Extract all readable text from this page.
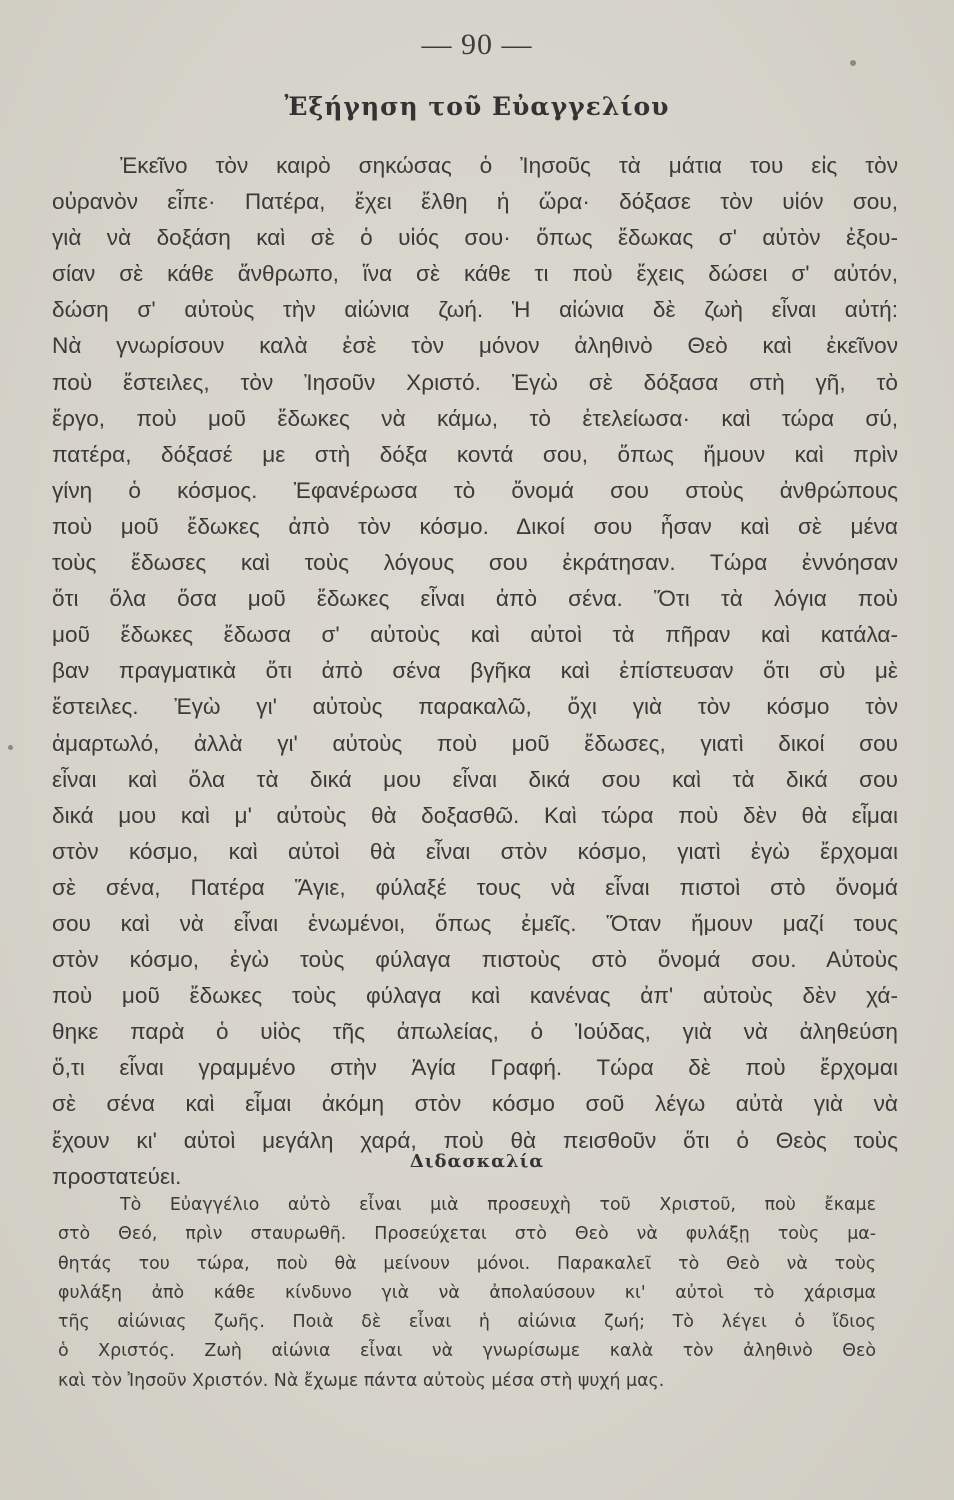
— 90 —
Ἐξήγηση τοῦ Εὐαγγελίου
Ἐκεῖνο τὸν καιρὸ σηκώσας ὁ Ἰησοῦς τὰ μάτια του εἰς τὸν
οὐρανὸν εἶπε· Πατέρα, ἔχει ἔλθη ἡ ὥρα· δόξασε τὸν υἱόν σου,
γιὰ νὰ δοξάση καὶ σὲ ὁ υἱός σου· ὅπως ἔδωκας σ' αὐτὸν ἐξου-
σίαν σὲ κάθε ἄνθρωπο, ἵνα σὲ κάθε τι ποὺ ἔχεις δώσει σ' αὐτόν,
δώση σ' αὐτοὺς τὴν αἰώνια ζωή. Ἡ αἰώνια δὲ ζωὴ εἶναι αὐτή:
Νὰ γνωρίσουν καλὰ ἐσὲ τὸν μόνον ἀληθινὸ Θεὸ καὶ ἐκεῖνον
ποὺ ἔστειλες, τὸν Ἰησοῦν Χριστό. Ἐγὼ σὲ δόξασα στὴ γῆ, τὸ
ἔργο, ποὺ μοῦ ἔδωκες νὰ κάμω, τὸ ἐτελείωσα· καὶ τώρα σύ,
πατέρα, δόξασέ με στὴ δόξα κοντά σου, ὅπως ἤμουν καὶ πρὶν
γίνη ὁ κόσμος. Ἐφανέρωσα τὸ ὄνομά σου στοὺς ἀνθρώπους
ποὺ μοῦ ἔδωκες ἀπὸ τὸν κόσμο. Δικοί σου ἦσαν καὶ σὲ μένα
τοὺς ἔδωσες καὶ τοὺς λόγους σου ἐκράτησαν. Τώρα ἐννόησαν
ὅτι ὅλα ὅσα μοῦ ἔδωκες εἶναι ἀπὸ σένα. Ὅτι τὰ λόγια ποὺ
μοῦ ἔδωκες ἔδωσα σ' αὐτοὺς καὶ αὐτοὶ τὰ πῆραν καὶ κατάλα-
βαν πραγματικὰ ὅτι ἀπὸ σένα βγῆκα καὶ ἐπίστευσαν ὅτι σὺ μὲ
ἔστειλες. Ἐγὼ γι' αὐτοὺς παρακαλῶ, ὄχι γιὰ τὸν κόσμο τὸν
ἁμαρτωλό, ἀλλὰ γι' αὐτοὺς ποὺ μοῦ ἔδωσες, γιατὶ δικοί σου
εἶναι καὶ ὅλα τὰ δικά μου εἶναι δικά σου καὶ τὰ δικά σου
δικά μου καὶ μ' αὐτοὺς θὰ δοξασθῶ. Καὶ τώρα ποὺ δὲν θὰ εἶμαι
στὸν κόσμο, καὶ αὐτοὶ θὰ εἶναι στὸν κόσμο, γιατὶ ἐγὼ ἔρχομαι
σὲ σένα, Πατέρα Ἅγιε, φύλαξέ τους νὰ εἶναι πιστοὶ στὸ ὄνομά
σου καὶ νὰ εἶναι ἑνωμένοι, ὅπως ἐμεῖς. Ὅταν ἤμουν μαζί τους
στὸν κόσμο, ἐγὼ τοὺς φύλαγα πιστοὺς στὸ ὄνομά σου. Αὐτοὺς
ποὺ μοῦ ἔδωκες τοὺς φύλαγα καὶ κανένας ἀπ' αὐτοὺς δὲν χά-
θηκε παρὰ ὁ υἱὸς τῆς ἀπωλείας, ὁ Ἰούδας, γιὰ νὰ ἀληθεύση
ὅ,τι εἶναι γραμμένο στὴν Ἁγία Γραφή. Τώρα δὲ ποὺ ἔρχομαι
σὲ σένα καὶ εἶμαι ἀκόμη στὸν κόσμο σοῦ λέγω αὐτὰ γιὰ νὰ
ἔχουν κι' αὐτοὶ μεγάλη χαρά, ποὺ θὰ πεισθοῦν ὅτι ὁ Θεὸς τοὺς
προστατεύει.
Διδασκαλία
Τὸ Εὐαγγέλιο αὐτὸ εἶναι μιὰ προσευχὴ τοῦ Χριστοῦ, ποὺ ἔκαμε
στὸ Θεό, πρὶν σταυρωθῆ. Προσεύχεται στὸ Θεὸ νὰ φυλάξῃ τοὺς μα-
θητάς του τώρα, ποὺ θὰ μείνουν μόνοι. Παρακαλεῖ τὸ Θεὸ νὰ τοὺς
φυλάξη ἀπὸ κάθε κίνδυνο γιὰ νὰ ἀπολαύσουν κι' αὐτοὶ τὸ χάρισμα
τῆς αἰώνιας ζωῆς. Ποιὰ δὲ εἶναι ἡ αἰώνια ζωή; Τὸ λέγει ὁ ἴδιος
ὁ Χριστός. Ζωὴ αἰώνια εἶναι νὰ γνωρίσωμε καλὰ τὸν ἀληθινὸ Θεὸ
καὶ τὸν Ἰησοῦν Χριστόν. Νὰ ἔχωμε πάντα αὐτοὺς μέσα στὴ ψυχή μας.
